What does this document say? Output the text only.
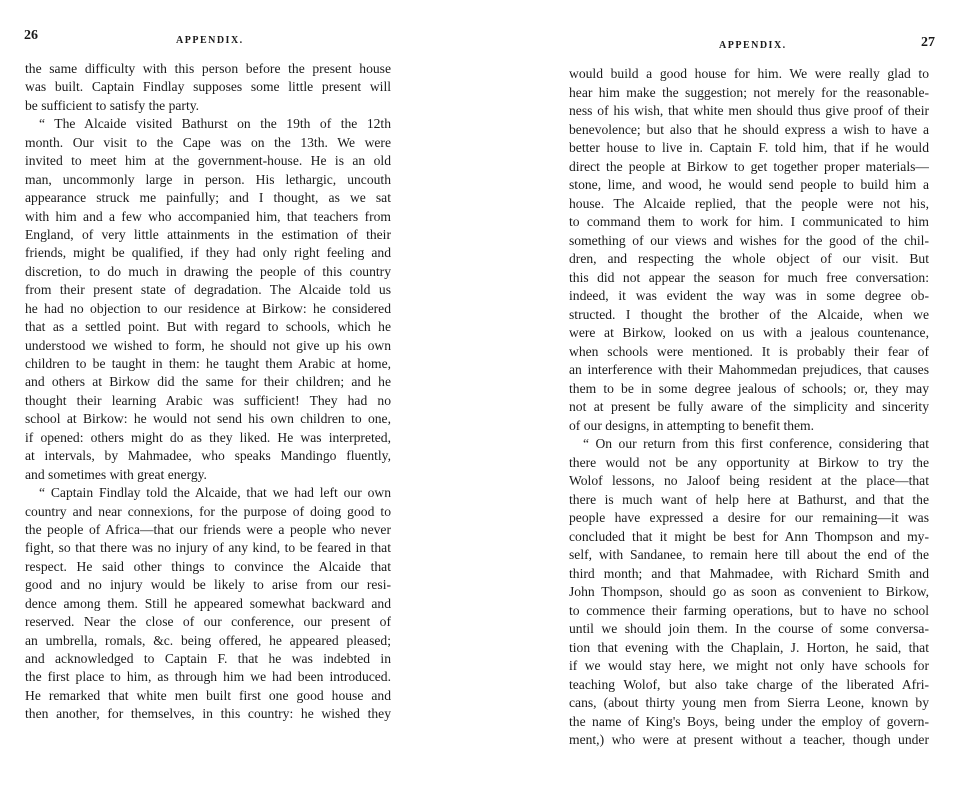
26	APPENDIX.
the same difficulty with this person before the present house
was built. Captain Findlay supposes some little present will
be sufficient to satisfy the party.
“ The Alcaide visited Bathurst on the 19th of the 12th
month. Our visit to the Cape was on the 13th. We were
invited to meet him at the government-house. He is an old
man, uncommonly large in person. His lethargic, uncouth
appearance struck me painfully; and I thought, as we sat
with him and a few who accompanied him, that teachers from
England, of very little attainments in the estimation of their
friends, might be qualified, if they had only right feeling and
discretion, to do much in drawing the people of this country
from their present state of degradation. The Alcaide told us
he had no objection to our residence at Birkow: he considered
that as a settled point. But with regard to schools, which he
understood we wished to form, he should not give up his own
children to be taught in them: he taught them Arabic at home,
and others at Birkow did the same for their children; and he
thought their learning Arabic was sufficient! They had no
school at Birkow: he would not send his own children to one,
if opened: others might do as they liked. He was interpreted,
at intervals, by Mahmadee, who speaks Mandingo fluently,
and sometimes with great energy.
“ Captain Findlay told the Alcaide, that we had left our own
country and near connexions, for the purpose of doing good to
the people of Africa—that our friends were a people who never
fight, so that there was no injury of any kind, to be feared in that
respect. He said other things to convince the Alcaide that
good and no injury would be likely to arise from our resi-
dence among them. Still he appeared somewhat backward and
reserved. Near the close of our conference, our present of
an umbrella, romals, &c. being offered, he appeared pleased;
and acknowledged to Captain F. that he was indebted in
the first place to him, as through him we had been introduced.
He remarked that white men built first one good house and
then another, for themselves, in this country: he wished they
APPENDIX.	27
would build a good house for him. We were really glad to
hear him make the suggestion; not merely for the reasonable-
ness of his wish, that white men should thus give proof of their
benevolence; but also that he should express a wish to have a
better house to live in. Captain F. told him, that if he would
direct the people at Birkow to get together proper materials—
stone, lime, and wood, he would send people to build him a
house. The Alcaide replied, that the people were not his,
to command them to work for him. I communicated to him
something of our views and wishes for the good of the chil-
dren, and respecting the whole object of our visit. But
this did not appear the season for much free conversation:
indeed, it was evident the way was in some degree ob-
structed. I thought the brother of the Alcaide, when we
were at Birkow, looked on us with a jealous countenance,
when schools were mentioned. It is probably their fear of
an interference with their Mahommedan prejudices, that causes
them to be in some degree jealous of schools; or, they may
not at present be fully aware of the simplicity and sincerity
of our designs, in attempting to benefit them.
“ On our return from this first conference, considering that
there would not be any opportunity at Birkow to try the
Wolof lessons, no Jaloof being resident at the place—that
there is much want of help here at Bathurst, and that the
people have expressed a desire for our remaining—it was
concluded that it might be best for Ann Thompson and my-
self, with Sandanee, to remain here till about the end of the
third month; and that Mahmadee, with Richard Smith and
John Thompson, should go as soon as convenient to Birkow,
to commence their farming operations, but to have no school
until we should join them. In the course of some conversa-
tion that evening with the Chaplain, J. Horton, he said, that
if we would stay here, we might not only have schools for
teaching Wolof, but also take charge of the liberated Afri-
cans, (about thirty young men from Sierra Leone, known by
the name of King's Boys, being under the employ of govern-
ment,) who were at present without a teacher, though under
